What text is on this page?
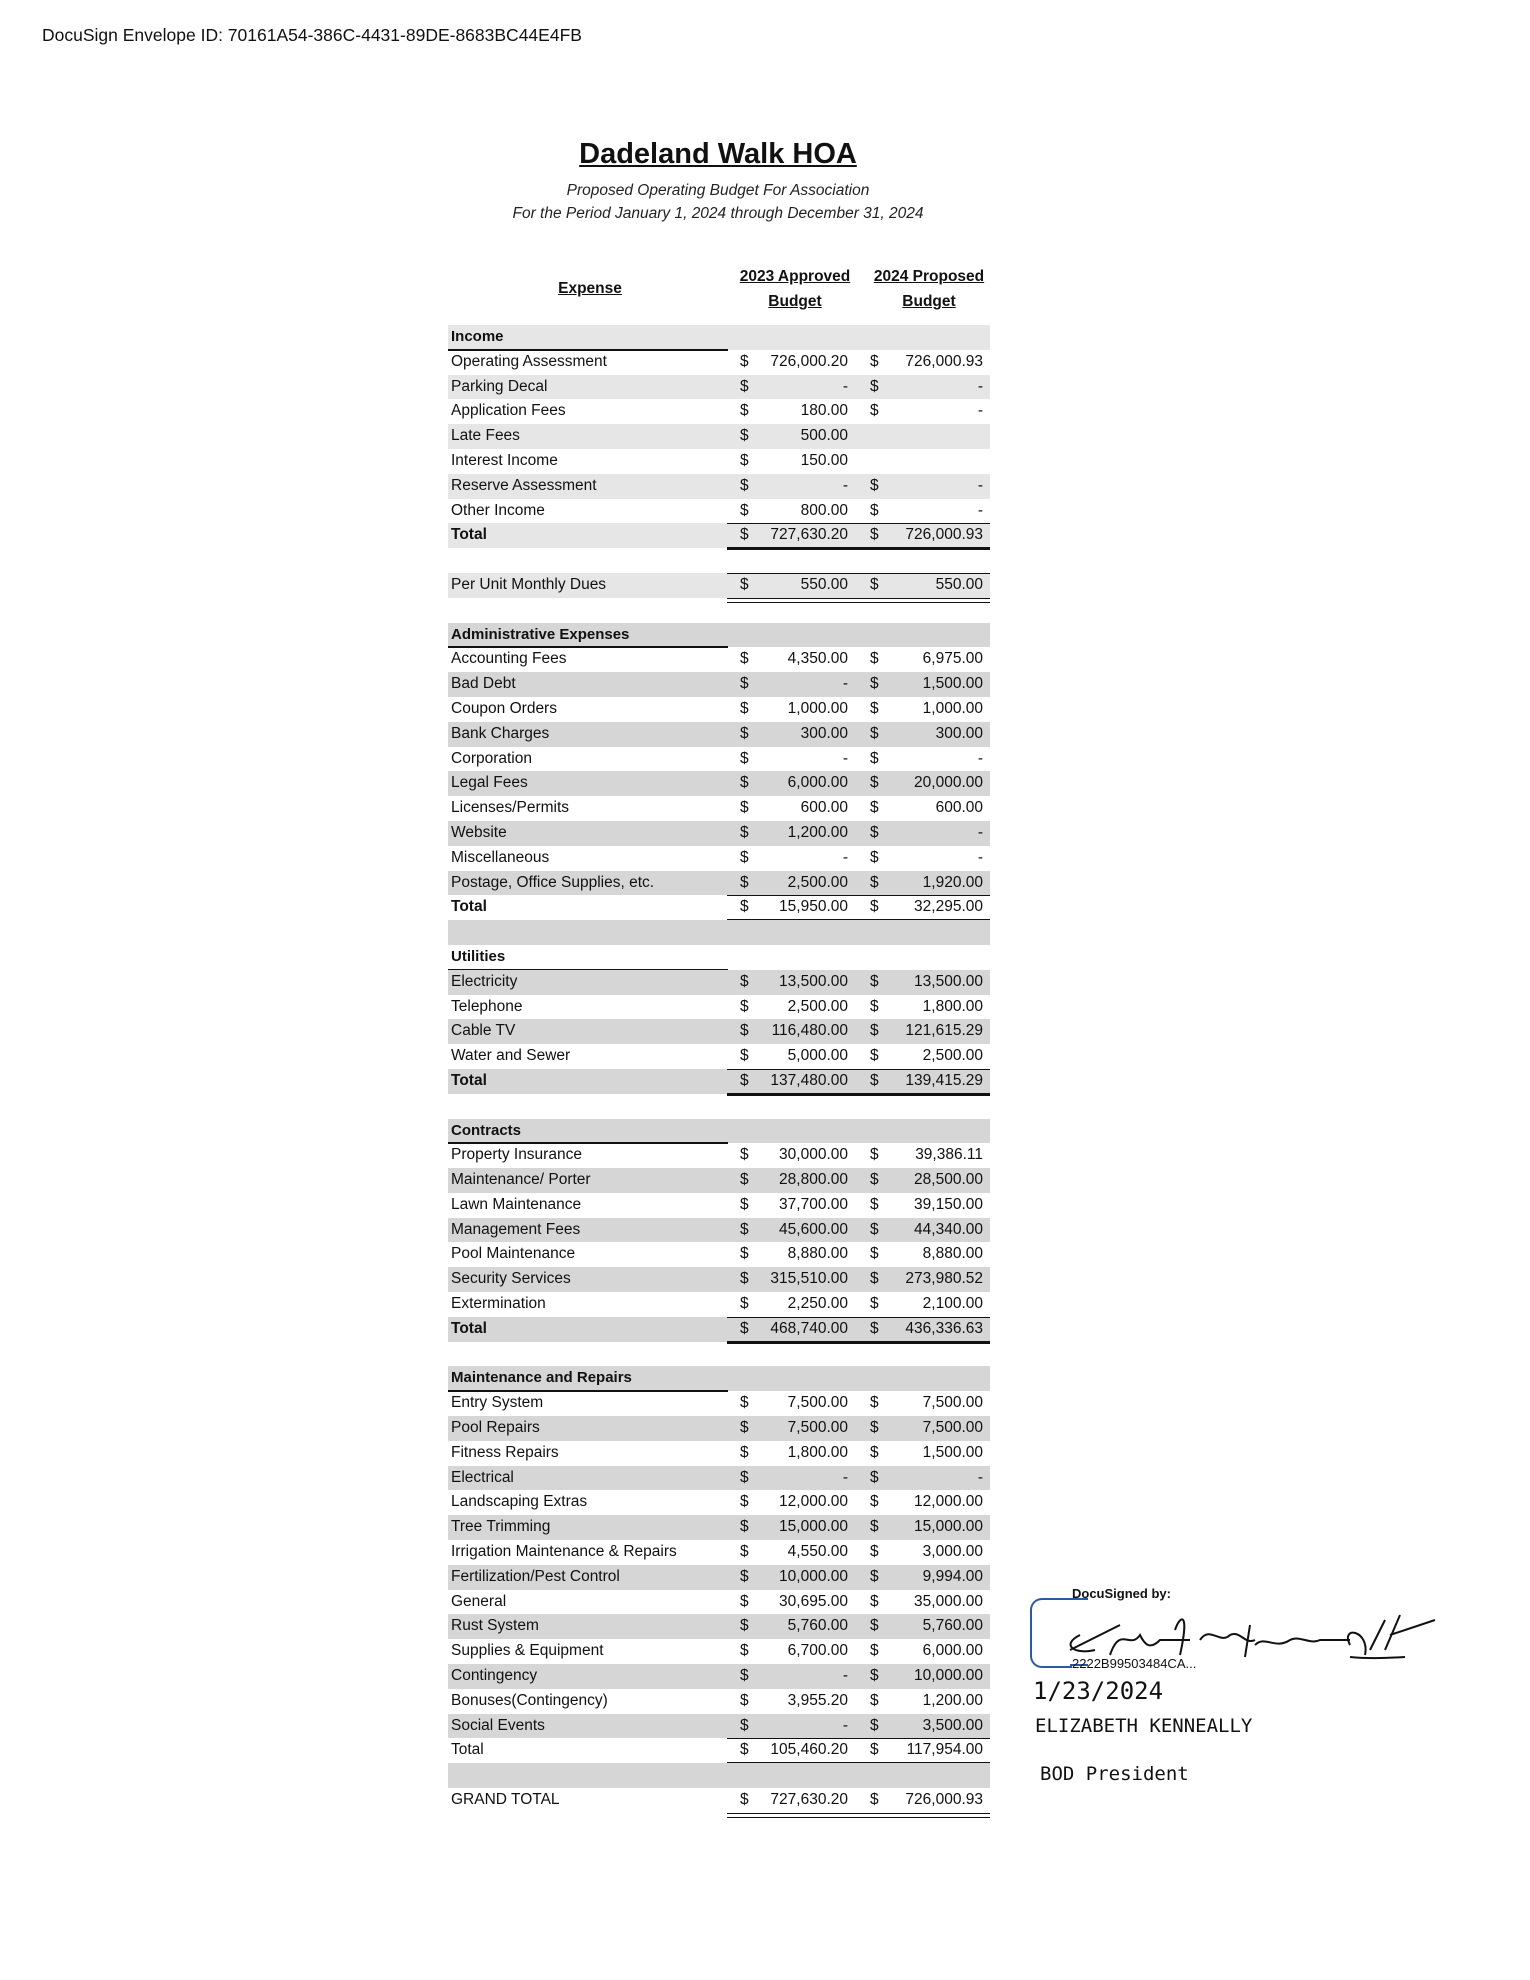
DocuSign Envelope ID: 70161A54-386C-4431-89DE-8683BC44E4FB
Dadeland Walk HOA
Proposed Operating Budget For Association
For the Period January 1, 2024 through December 31, 2024
Expense
2023 Approved
Budget
2024 Proposed
Budget
Income
Operating Assessment	$	726,000.20 $	726,000.93
Parking Decal	$	- $	-
Application Fees	$	180.00 $	-
Late Fees	$	500.00
Interest Income	$	150.00
Reserve Assessment	$	- $	-
Other Income	$	800.00 $	-
Total	$	727,630.20 $	726,000.93
Per Unit Monthly Dues	$	550.00 $	550.00
Administrative Expenses
Accounting Fees	$	4,350.00 $	6,975.00
Bad Debt	$	- $	1,500.00
Coupon Orders	$	1,000.00 $	1,000.00
Bank Charges	$	300.00 $	300.00
Corporation	$	- $	-
Legal Fees	$	6,000.00 $	20,000.00
Licenses/Permits	$	600.00 $	600.00
Website	$	1,200.00 $	-
Miscellaneous	$	- $	-
Postage, Office Supplies, etc.	$	2,500.00 $	1,920.00
Total	$	15,950.00 $	32,295.00
Utilities
Electricity	$	13,500.00 $	13,500.00
Telephone	$	2,500.00 $	1,800.00
Cable TV	$	116,480.00 $	121,615.29
Water and Sewer	$	5,000.00 $	2,500.00
Total	$	137,480.00 $	139,415.29
Contracts
Property Insurance	$	30,000.00 $	39,386.11
Maintenance/ Porter	$	28,800.00 $	28,500.00
Lawn Maintenance	$	37,700.00 $	39,150.00
Management Fees	$	45,600.00 $	44,340.00
Pool Maintenance	$	8,880.00 $	8,880.00
Security Services	$	315,510.00 $	273,980.52
Extermination	$	2,250.00 $	2,100.00
Total	$	468,740.00 $	436,336.63
Maintenance and Repairs
Entry System	$	7,500.00 $	7,500.00
Pool Repairs	$	7,500.00 $	7,500.00
Fitness Repairs	$	1,800.00 $	1,500.00
Electrical	$	- $	-
Landscaping Extras	$	12,000.00 $	12,000.00
Tree Trimming	$	15,000.00 $	15,000.00
Irrigation Maintenance & Repairs	$	4,550.00 $	3,000.00
Fertilization/Pest Control	$	10,000.00 $	9,994.00
General	$	30,695.00 $	35,000.00
Rust System	$	5,760.00 $	5,760.00
Supplies & Equipment	$	6,700.00 $	6,000.00
Contingency	$	- $	10,000.00
Bonuses(Contingency)	$	3,955.20 $	1,200.00
Social Events	$	- $	3,500.00
Total	$	105,460.20 $	117,954.00
GRAND TOTAL	$	727,630.20 $	726,000.93
DocuSigned by:
2222B99503484CA...
1/23/2024
ELIZABETH KENNEALLY
BOD President
